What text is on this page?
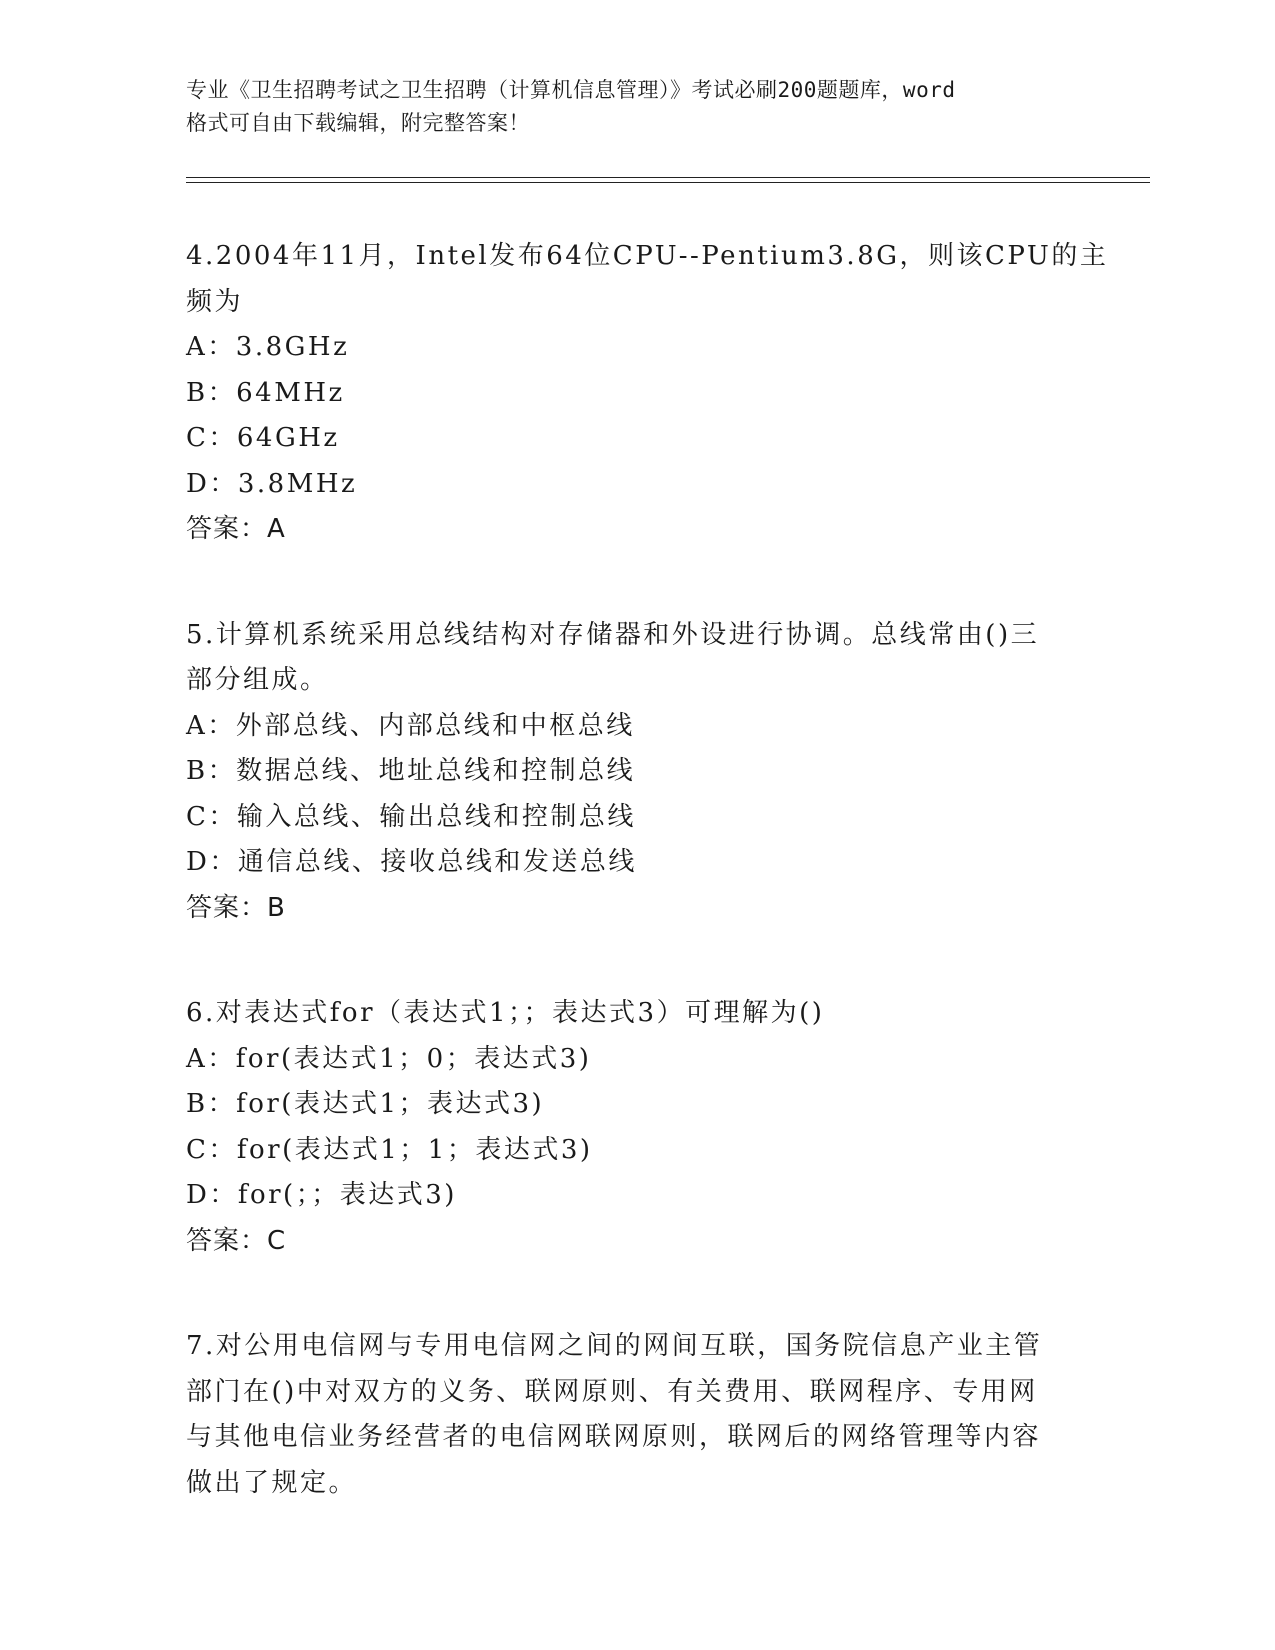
专业《卫生招聘考试之卫生招聘（计算机信息管理）》考试必刷200题题库，word
格式可自由下载编辑，附完整答案！
4.2004年11月，Intel发布64位CPU--Pentium3.8G，则该CPU的主
频为
A：3.8GHz
B：64MHz
C：64GHz
D：3.8MHz
答案：A
5.计算机系统采用总线结构对存储器和外设进行协调。总线常由()三
部分组成。
A：外部总线、内部总线和中枢总线
B：数据总线、地址总线和控制总线
C：输入总线、输出总线和控制总线
D：通信总线、接收总线和发送总线
答案：B
6.对表达式for（表达式1；；表达式3）可理解为()
A：for(表达式1；0；表达式3)
B：for(表达式1；表达式3)
C：for(表达式1；1；表达式3)
D：for(；；表达式3)
答案：C
7.对公用电信网与专用电信网之间的网间互联，国务院信息产业主管
部门在()中对双方的义务、联网原则、有关费用、联网程序、专用网
与其他电信业务经营者的电信网联网原则，联网后的网络管理等内容
做出了规定。
